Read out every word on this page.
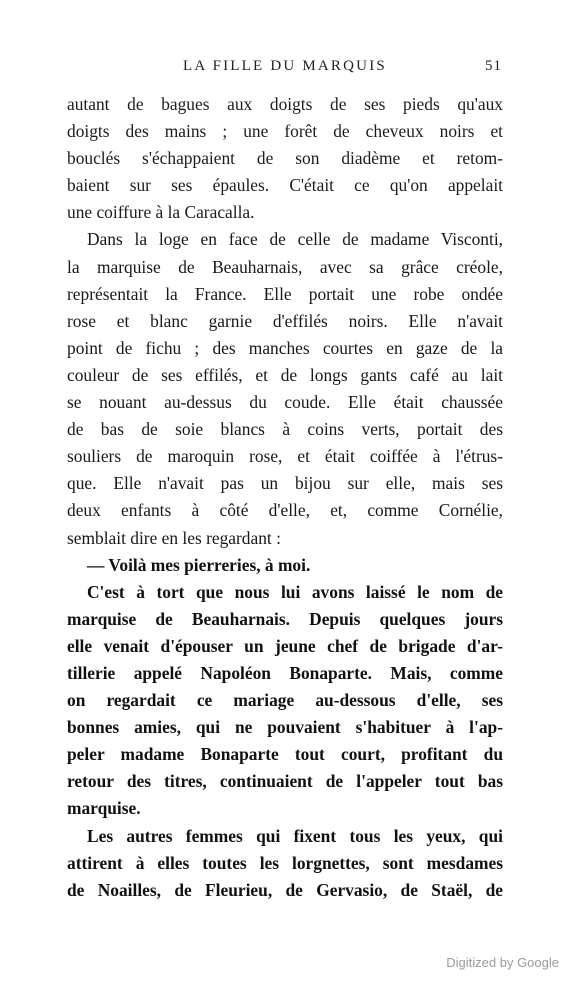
LA FILLE DU MARQUIS	51

autant de bagues aux doigts de ses pieds qu'aux
doigts des mains ; une forêt de cheveux noirs et
bouclés s'échappaient de son diadème et retom-
baient sur ses épaules. C'était ce qu'on appelait
une coiffure à la Caracalla.

Dans la loge en face de celle de madame Visconti,
la marquise de Beauharnais, avec sa grâce créole,
représentait la France. Elle portait une robe ondée
rose et blanc garnie d'effilés noirs. Elle n'avait
point de fichu ; des manches courtes en gaze de la
couleur de ses effilés, et de longs gants café au lait
se nouant au-dessus du coude. Elle était chaussée
de bas de soie blancs à coins verts, portait des
souliers de maroquin rose, et était coiffée à l'étrus-
que. Elle n'avait pas un bijou sur elle, mais ses
deux enfants à côté d'elle, et, comme Cornélie,
semblait dire en les regardant :

— Voilà mes pierreries, à moi.

C'est à tort que nous lui avons laissé le nom de
marquise de Beauharnais. Depuis quelques jours
elle venait d'épouser un jeune chef de brigade d'ar-
tillerie appelé Napoléon Bonaparte. Mais, comme
on regardait ce mariage au-dessous d'elle, ses
bonnes amies, qui ne pouvaient s'habituer à l'ap-
peler madame Bonaparte tout court, profitant du
retour des titres, continuaient de l'appeler tout bas
marquise.

Les autres femmes qui fixent tous les yeux, qui
attirent à elles toutes les lorgnettes, sont mesdames
de Noailles, de Fleurieu, de Gervasio, de Staël, de

Digitized by Google
